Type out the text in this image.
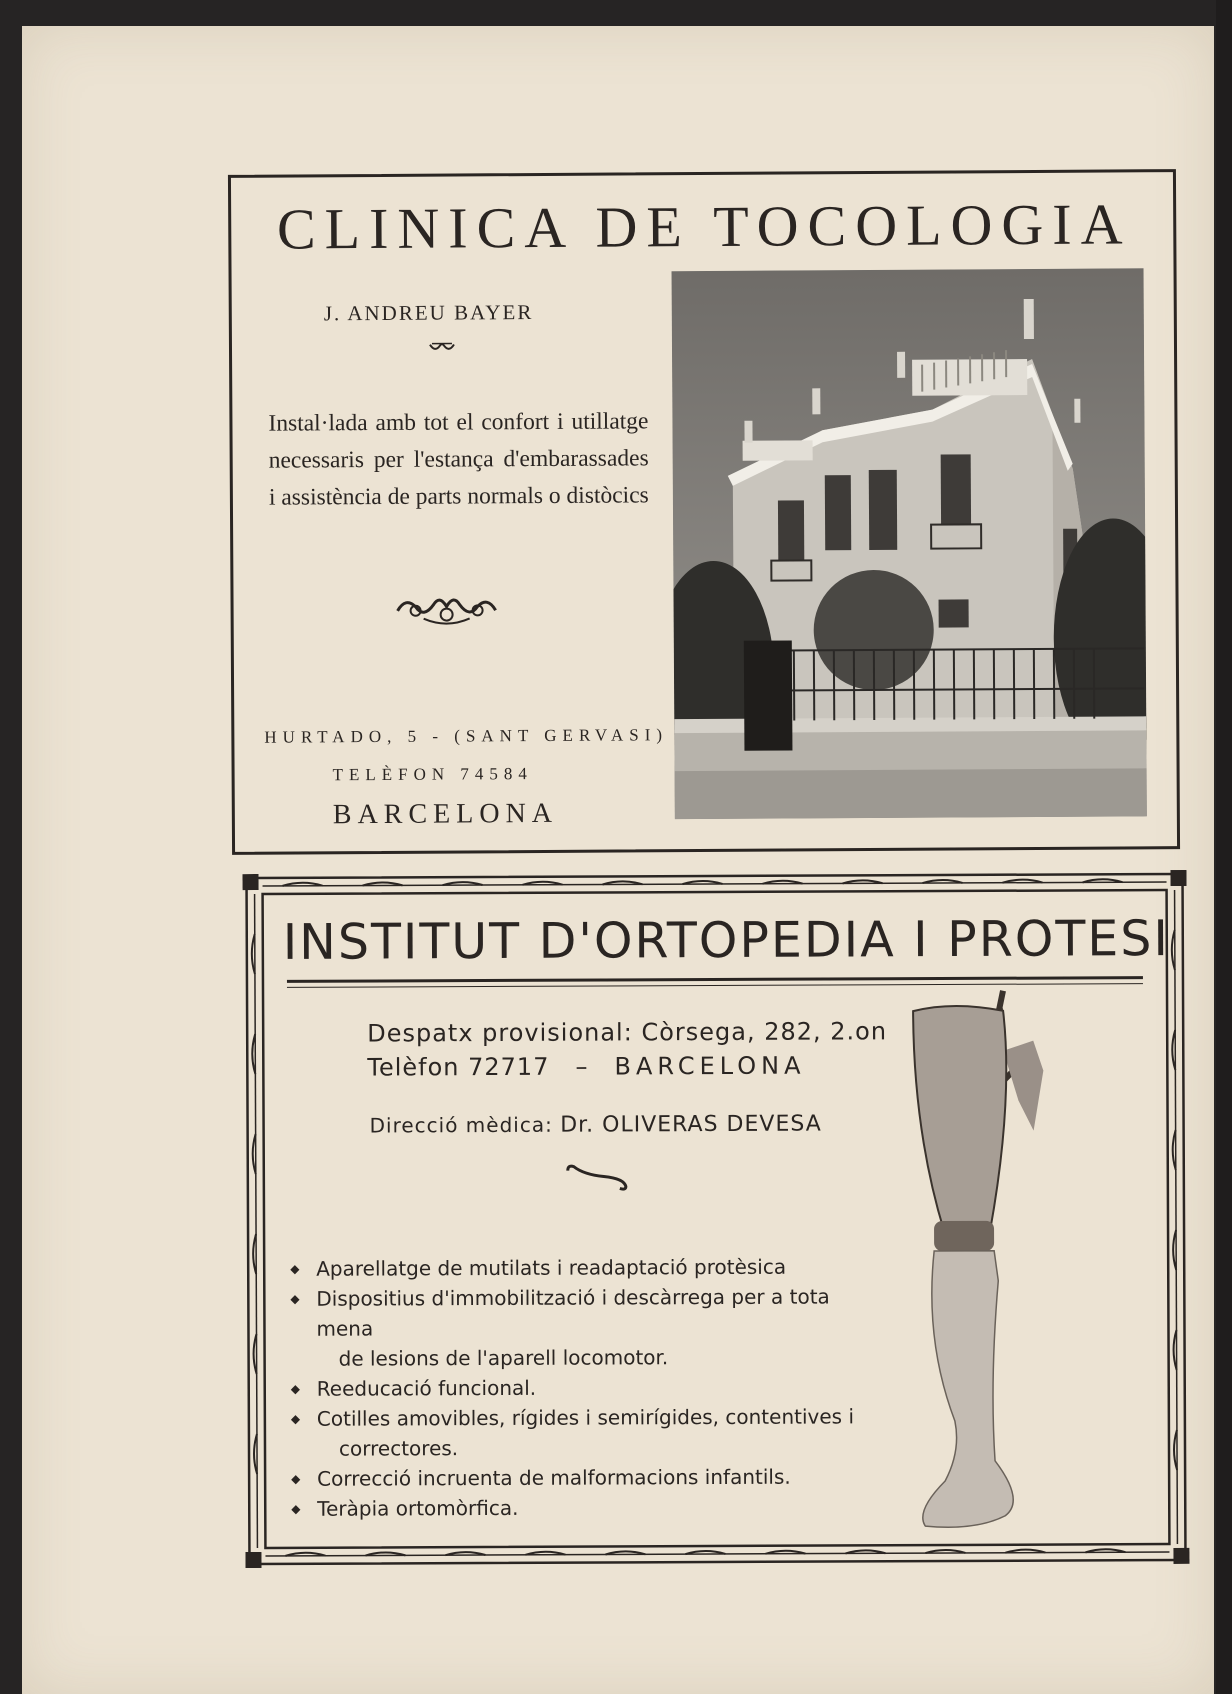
CLINICA DE TOCOLOGIA
J. ANDREU BAYER
Instal·lada amb tot el confort i utillatge necessaris per l'estança d'embarassades i assistència de parts normals o distòcics
HURTADO, 5 - (SANT GERVASI)
TELÈFON 74584
BARCELONA
INSTITUT D'ORTOPEDIA I PROTESI
Despatx provisional: Còrsega, 282, 2.on
Telèfon 72717 – BARCELONA
Direcció mèdica: Dr. OLIVERAS DEVESA
◆ Aparellatge de mutilats i readaptació protèsica
◆ Dispositius d'immobilització i descàrrega per a tota mena
de lesions de l'aparell locomotor.
◆ Reeducació funcional.
◆ Cotilles amovibles, rígides i semirígides, contentives i
correctores.
◆ Correcció incruenta de malformacions infantils.
◆ Teràpia ortomòrfica.
